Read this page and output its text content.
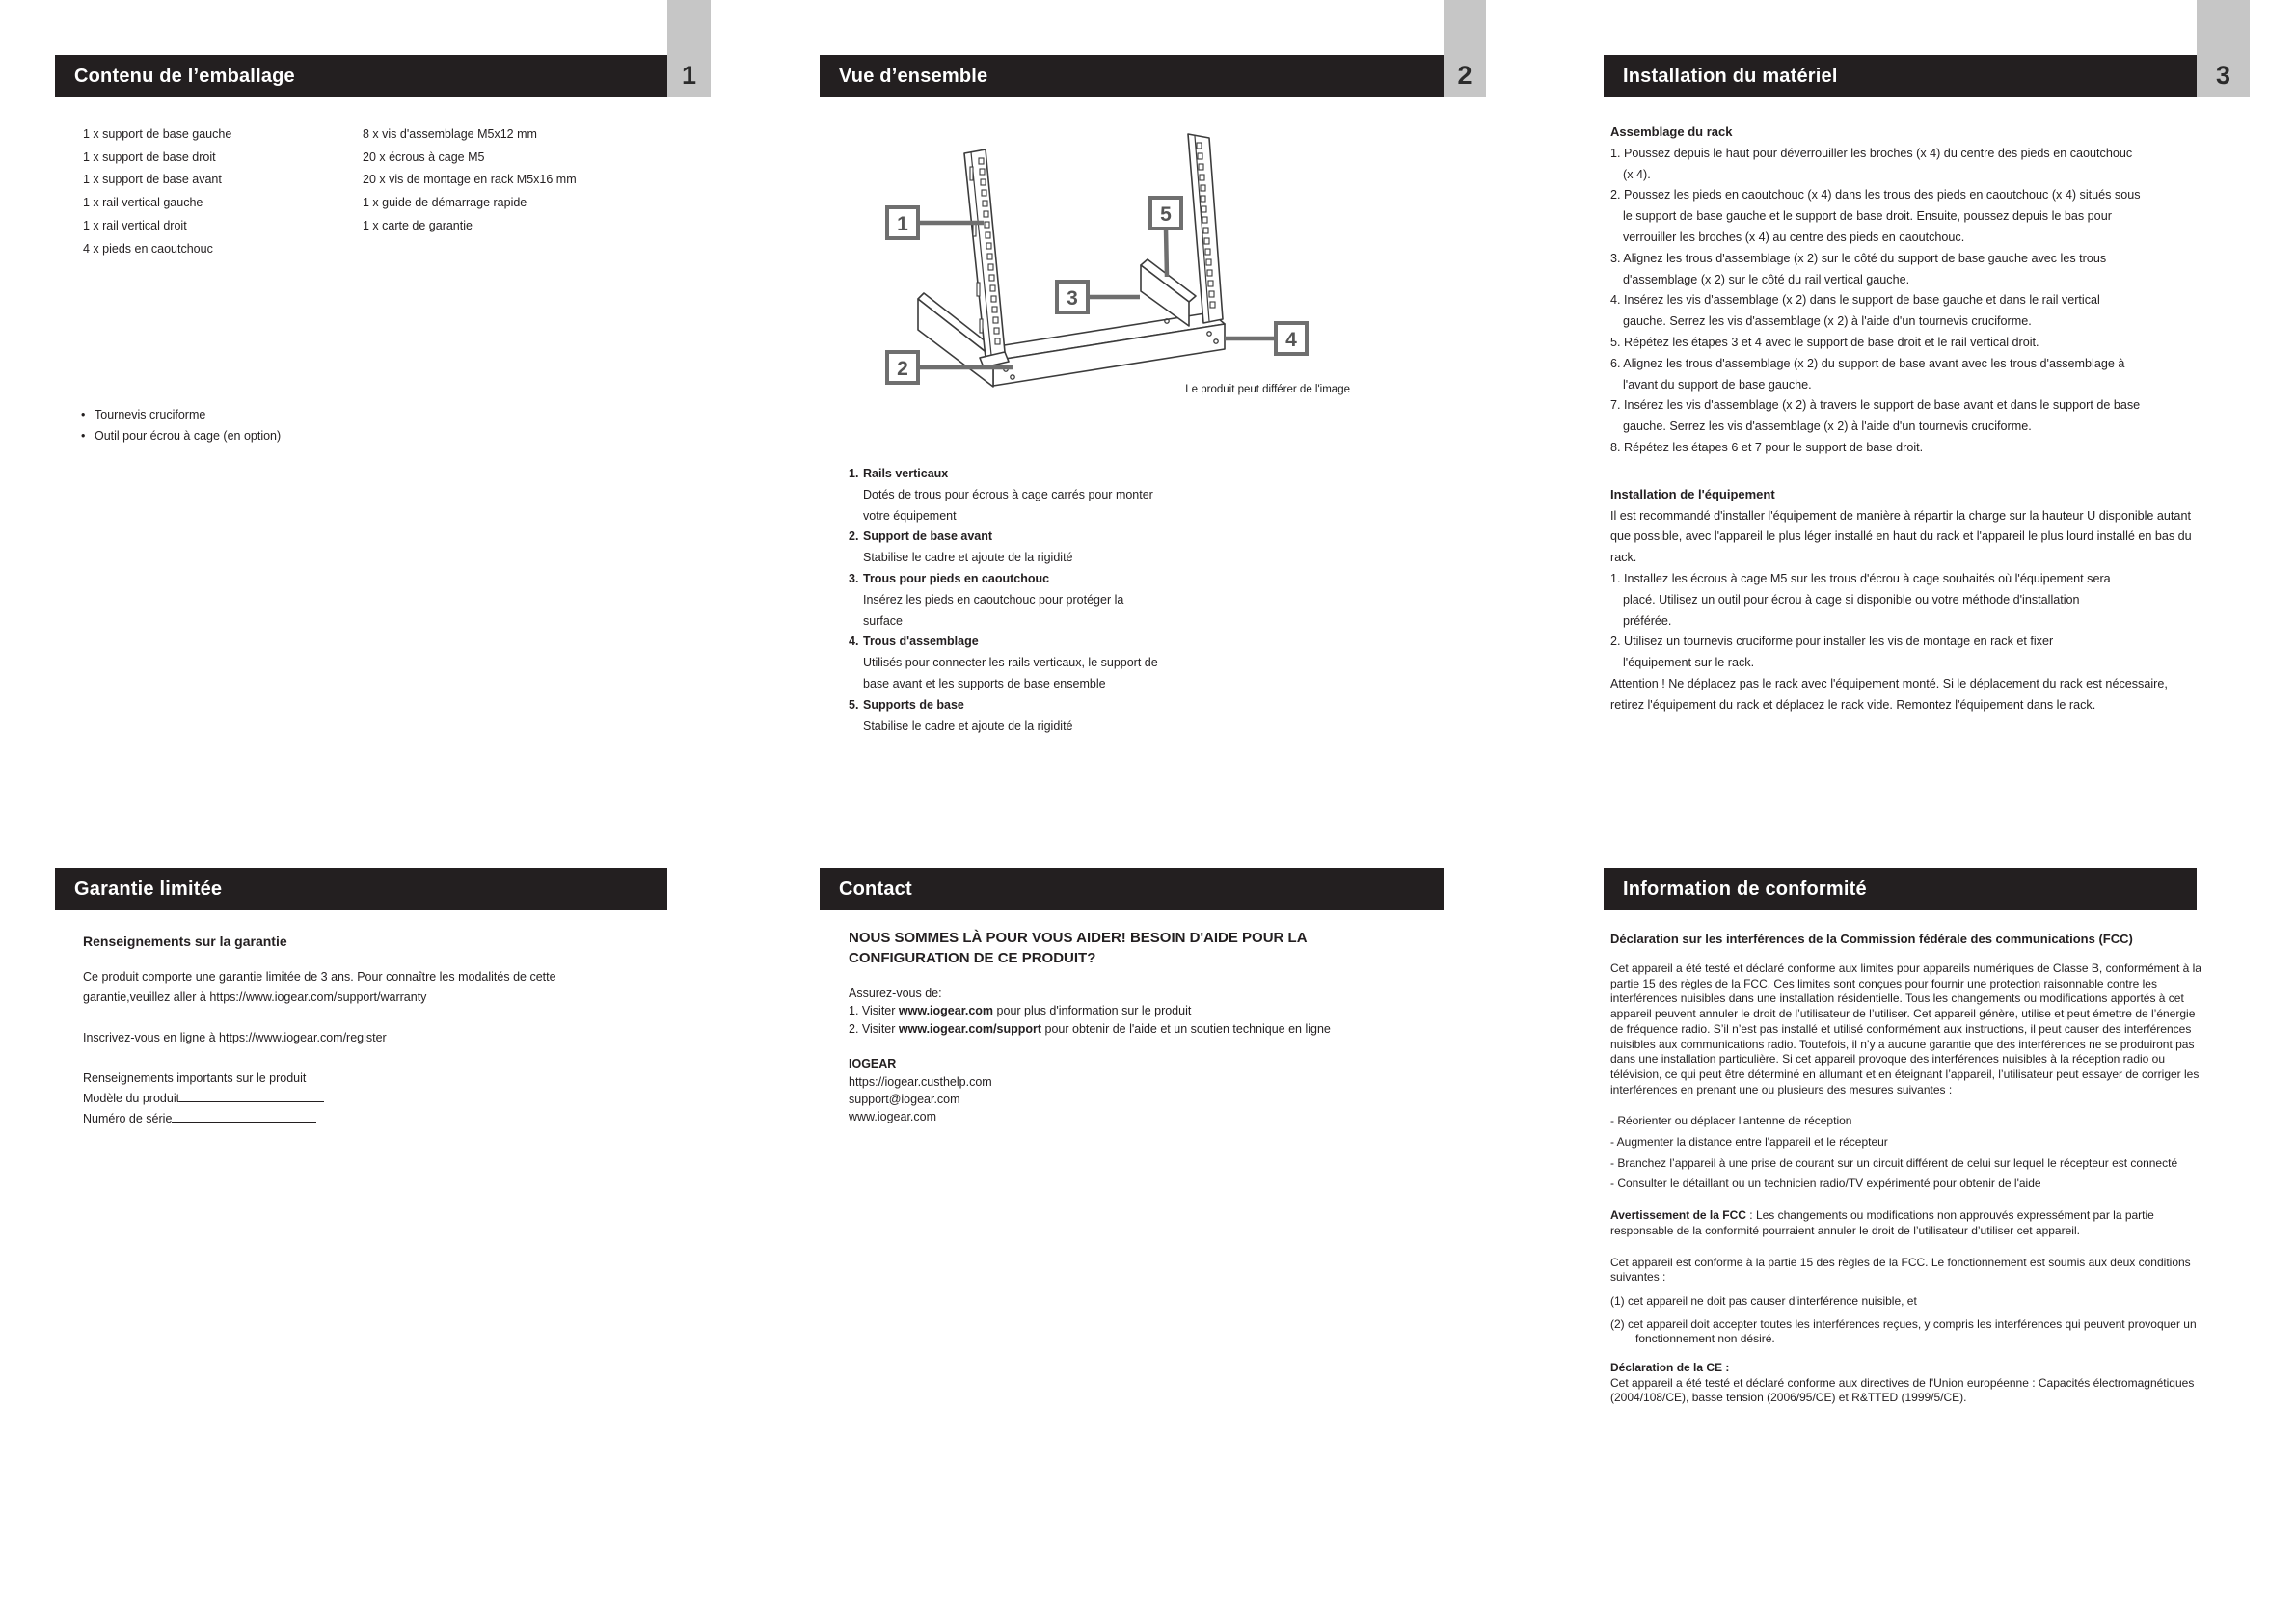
1	2	3
Contenu de l’emballage	Vue d’ensemble	Installation du matériel
Garantie limitée	Contact	Information de conformité
1 x support de base gauche
1 x support de base droit
1 x support de base avant
1 x rail vertical gauche
1 x rail vertical droit
4 x pieds en caoutchouc
8 x vis d'assemblage M5x12 mm
20 x écrous à cage M5
20 x vis de montage en rack M5x16 mm
1 x guide de démarrage rapide
1 x carte de garantie
• Tournevis cruciforme
• Outil pour écrou à cage (en option)
Renseignements sur la garantie

Ce produit comporte une garantie limitée de 3 ans. Pour connaître les modalités de cette garantie,veuillez aller à https://www.iogear.com/support/warranty

Inscrivez-vous en ligne à https://www.iogear.com/register

Renseignements importants sur le produit
Modèle du produit
Numéro de série
1
2
3
4
5
Le produit peut différer de l'image
1. Rails verticaux
Dotés de trous pour écrous à cage carrés pour monter
votre équipement
2. Support de base avant
Stabilise le cadre et ajoute de la rigidité
3. Trous pour pieds en caoutchouc
Insérez les pieds en caoutchouc pour protéger la
surface
4. Trous d'assemblage
Utilisés pour connecter les rails verticaux, le support de
base avant et les supports de base ensemble
5. Supports de base
Stabilise le cadre et ajoute de la rigidité
NOUS SOMMES LÀ POUR VOUS AIDER! BESOIN D'AIDE POUR LA CONFIGURATION DE CE PRODUIT?
Assurez-vous de:
1. Visiter www.iogear.com pour plus d'information sur le produit
2. Visiter www.iogear.com/support pour obtenir de l'aide et un soutien technique en ligne
IOGEAR
https://iogear.custhelp.com
support@iogear.com
www.iogear.com
Assemblage du rack
1. Poussez depuis le haut pour déverrouiller les broches (x 4) du centre des pieds en caoutchouc
(x 4).
2. Poussez les pieds en caoutchouc (x 4) dans les trous des pieds en caoutchouc (x 4) situés sous
le support de base gauche et le support de base droit. Ensuite, poussez depuis le bas pour
verrouiller les broches (x 4) au centre des pieds en caoutchouc.
3. Alignez les trous d'assemblage (x 2) sur le côté du support de base gauche avec les trous
d'assemblage (x 2) sur le côté du rail vertical gauche.
4. Insérez les vis d'assemblage (x 2) dans le support de base gauche et dans le rail vertical
gauche. Serrez les vis d'assemblage (x 2) à l'aide d'un tournevis cruciforme.
5. Répétez les étapes 3 et 4 avec le support de base droit et le rail vertical droit.
6. Alignez les trous d'assemblage (x 2) du support de base avant avec les trous d'assemblage à
l'avant du support de base gauche.
7. Insérez les vis d'assemblage (x 2) à travers le support de base avant et dans le support de base
gauche. Serrez les vis d'assemblage (x 2) à l'aide d'un tournevis cruciforme.
8. Répétez les étapes 6 et 7 pour le support de base droit.
Installation de l'équipement

Il est recommandé d'installer l'équipement de manière à répartir la charge sur la hauteur U disponible autant que possible, avec l'appareil le plus léger installé en haut du rack et l'appareil le plus lourd installé en bas du rack.

1. Installez les écrous à cage M5 sur les trous d'écrou à cage souhaités où l'équipement sera
placé. Utilisez un outil pour écrou à cage si disponible ou votre méthode d'installation
préférée.
2. Utilisez un tournevis cruciforme pour installer les vis de montage en rack et fixer
l'équipement sur le rack.

Attention ! Ne déplacez pas le rack avec l'équipement monté. Si le déplacement du rack est nécessaire, retirez l'équipement du rack et déplacez le rack vide. Remontez l'équipement dans le rack.

Déclaration sur les interférences de la Commission fédérale des communications (FCC)
Cet appareil a été testé et déclaré conforme aux limites pour appareils numériques de Classe B, conformément à la partie 15 des règles de la FCC. Ces limites sont conçues pour fournir une protection raisonnable contre les interférences nuisibles dans une installation résidentielle. Tous les changements ou modifications apportés à cet appareil peuvent annuler le droit de l’utilisateur de l’utiliser. Cet appareil génère, utilise et peut émettre de l’énergie de fréquence radio. S’il n’est pas installé et utilisé conformément aux instructions, il peut causer des interférences nuisibles aux communications radio. Toutefois, il n’y a aucune garantie que des interférences ne se produiront pas dans une installation particulière. Si cet appareil provoque des interférences nuisibles à la réception radio ou télévision, ce qui peut être déterminé en allumant et en éteignant l’appareil, l’utilisateur peut essayer de corriger les interférences en prenant une ou plusieurs des mesures suivantes :
- Réorienter ou déplacer l'antenne de réception
- Augmenter la distance entre l'appareil et le récepteur
- Branchez l’appareil à une prise de courant sur un circuit différent de celui sur lequel le récepteur est connecté
- Consulter le détaillant ou un technicien radio/TV expérimenté pour obtenir de l'aide
Avertissement de la FCC : Les changements ou modifications non approuvés expressément par la partie responsable de la conformité pourraient annuler le droit de l’utilisateur d’utiliser cet appareil.
Cet appareil est conforme à la partie 15 des règles de la FCC. Le fonctionnement est soumis aux deux conditions suivantes :
(1) cet appareil ne doit pas causer d'interférence nuisible, et
(2) cet appareil doit accepter toutes les interférences reçues, y compris les interférences qui peuvent provoquer un fonctionnement non désiré.
Déclaration de la CE :
Cet appareil a été testé et déclaré conforme aux directives de l'Union européenne : Capacités électromagnétiques (2004/108/CE), basse tension (2006/95/CE) et R&TTED (1999/5/CE).
